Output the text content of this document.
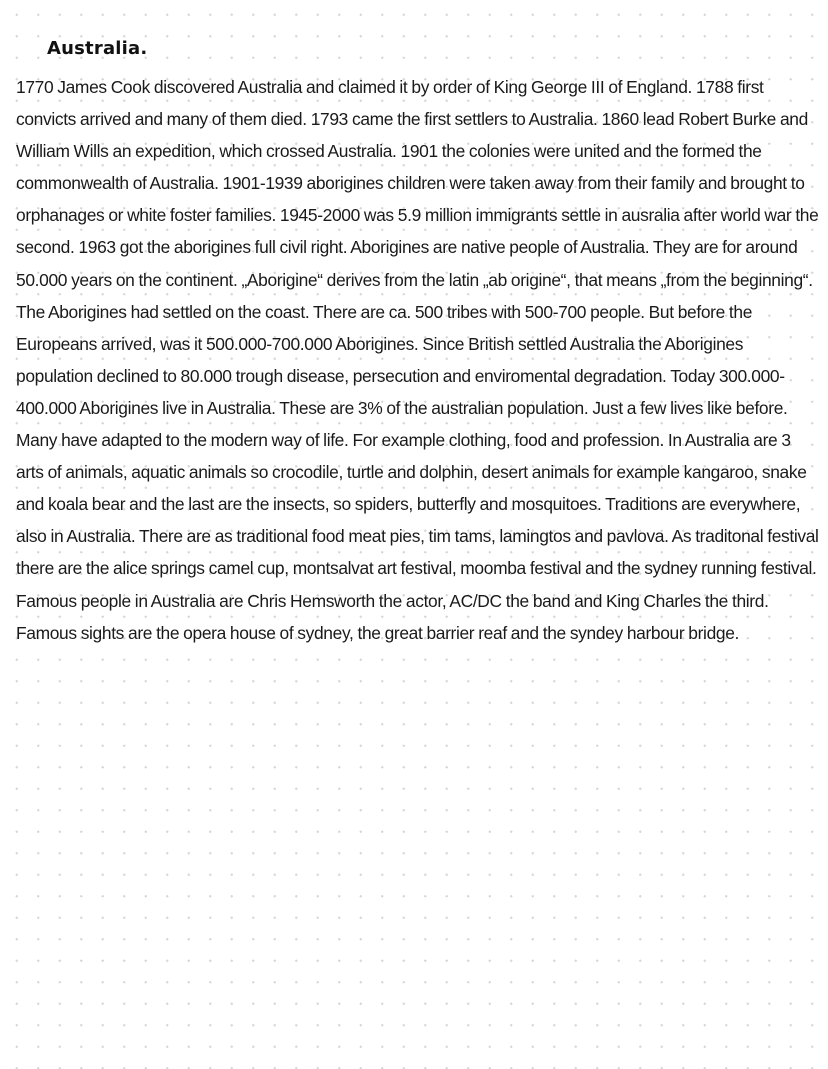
Australia.

1770 James Cook discovered Australia and claimed it by order of King George III of England. 1788 first convicts arrived and many of them died. 1793 came the first settlers to Australia. 1860 lead Robert Burke and William Wills an expedition, which crossed Australia. 1901 the colonies were united and the formed the commonwealth of Australia. 1901-1939 aborigines children were taken away from their family and brought to orphanages or white foster families. 1945-2000 was 5.9 million immigrants settle in ausralia after world war the second. 1963 got the aborigines full civil right. Aborigines are native people of Australia. They are for around 50.000 years on the continent. „Aborigine“ derives from the latin „ab origine“, that means „from the beginning“. The Aborigines had settled on the coast. There are ca. 500 tribes with 500-700 people. But before the Europeans arrived, was it 500.000-700.000 Aborigines. Since British settled Australia the Aborigines population declined to 80.000 trough disease, persecution and enviromental degradation. Today 300.000-400.000 Aborigines live in Australia. These are 3% of the australian population. Just a few lives like before. Many have adapted to the modern way of life. For example clothing, food and profession. In Australia are 3 arts of animals, aquatic animals so crocodile, turtle and dolphin, desert animals for example kangaroo, snake and koala bear and the last are the insects, so spiders, butterfly and mosquitoes. Traditions are everywhere, also in Australia. There are as traditional food meat pies, tim tams, lamingtos and pavlova. As traditonal festival there are the alice springs camel cup, montsalvat art festival, moomba festival and the sydney running festival. Famous people in Australia are Chris Hemsworth the actor, AC/DC the band and King Charles the third. Famous sights are the opera house of sydney, the great barrier reaf and the syndey harbour bridge.
